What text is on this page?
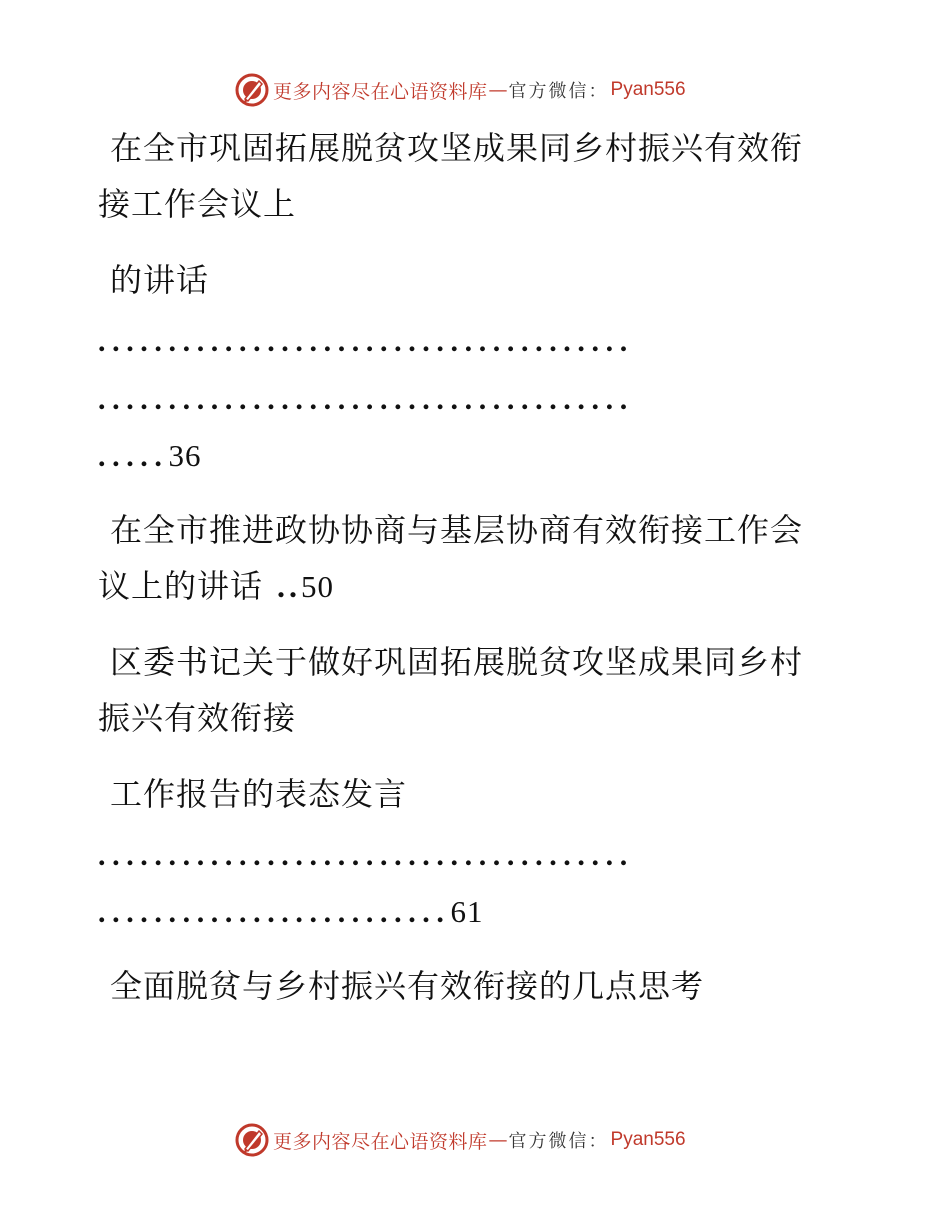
更多内容尽在心语资料库 — 官方微信： Pyan556
在全市巩固拓展脱贫攻坚成果同乡村振兴有效衔
接工作会议上
的讲话
......................................
......................................
.....36
在全市推进政协协商与基层协商有效衔接工作会
议上的讲话 ..50
区委书记关于做好巩固拓展脱贫攻坚成果同乡村
振兴有效衔接
工作报告的表态发言
......................................
.........................61
全面脱贫与乡村振兴有效衔接的几点思考
更多内容尽在心语资料库 — 官方微信： Pyan556
